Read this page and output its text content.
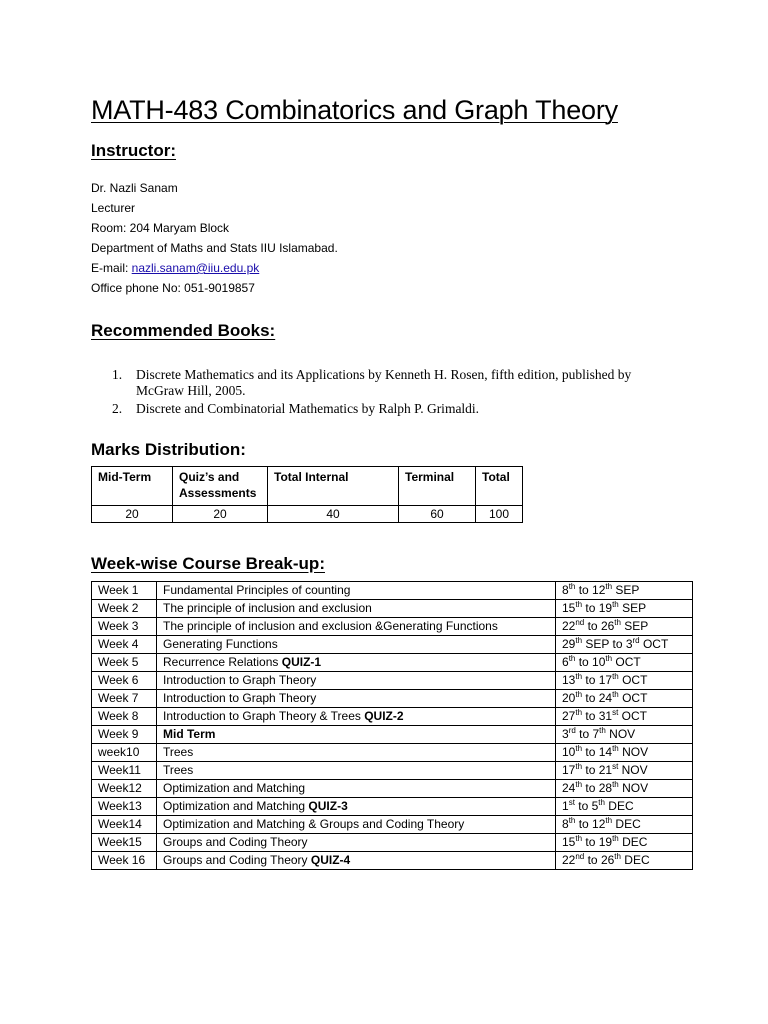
MATH-483 Combinatorics and Graph Theory
Instructor:
Dr. Nazli Sanam
Lecturer
Room: 204 Maryam Block
Department of Maths and Stats IIU Islamabad.
E-mail: nazli.sanam@iiu.edu.pk
Office phone No: 051-9019857
Recommended Books:
1. Discrete Mathematics and its Applications by Kenneth H. Rosen, fifth edition, published by McGraw Hill, 2005.
2. Discrete and Combinatorial Mathematics by Ralph P. Grimaldi.
Marks Distribution:
Mid-Term	Quiz’s and Assessments	Total Internal	Terminal	Total
20	20	40	60	100
Week-wise Course Break-up:
Week 1	Fundamental Principles of counting	8th to 12th SEP
Week 2	The principle of inclusion and exclusion	15th to 19th SEP
Week 3	The principle of inclusion and exclusion &Generating Functions	22nd to 26th SEP
Week 4	Generating Functions	29th SEP to 3rd OCT
Week 5	Recurrence Relations QUIZ-1	6th to 10th OCT
Week 6	Introduction to Graph Theory	13th to 17th OCT
Week 7	Introduction to Graph Theory	20th to 24th OCT
Week 8	Introduction to Graph Theory & Trees QUIZ-2	27th to 31st OCT
Week 9	Mid Term	3rd to 7th NOV
week10	Trees	10th to 14th NOV
Week11	Trees	17th to 21st NOV
Week12	Optimization and Matching	24th to 28th NOV
Week13	Optimization and Matching QUIZ-3	1st to 5th DEC
Week14	Optimization and Matching & Groups and Coding Theory	8th to 12th DEC
Week15	Groups and Coding Theory	15th to 19th DEC
Week 16	Groups and Coding Theory QUIZ-4	22nd to 26th DEC
